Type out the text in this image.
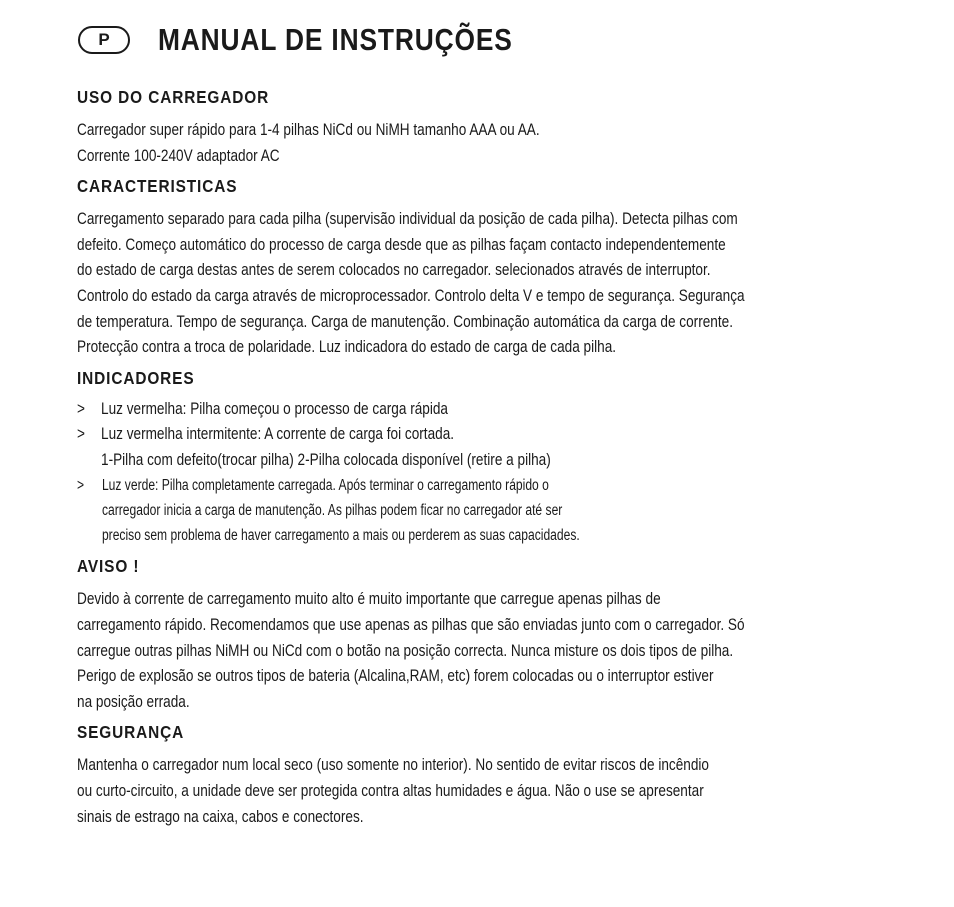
P	MANUAL DE INSTRUÇÕES
USO DO CARREGADOR

Carregador super rápido para 1-4 pilhas NiCd ou NiMH tamanho AAA ou AA.

Corrente 100-240V adaptador AC

CARACTERISTICAS

Carregamento separado para cada pilha (supervisão individual da posição de cada pilha). Detecta pilhas com

defeito. Começo automático do processo de carga desde que as pilhas façam contacto independentemente

do estado de carga destas antes de serem colocados no carregador. selecionados através de interruptor.

Controlo do estado da carga através de microprocessador. Controlo delta V e tempo de segurança. Segurança

de temperatura. Tempo de segurança. Carga de manutenção. Combinação automática da carga de corrente.

Protecção contra a troca de polaridade. Luz indicadora do estado de carga de cada pilha.

INDICADORES
> Luz vermelha: Pilha começou o processo de carga rápida
> Luz vermelha intermitente: A corrente de carga foi cortada.
1-Pilha com defeito(trocar pilha) 2-Pilha colocada disponível (retire a pilha)
>	Luz verde: Pilha completamente carregada. Após terminar o carregamento rápido o
carregador inicia a carga de manutenção. As pilhas podem ficar no carregador até ser
preciso sem problema de haver carregamento a mais ou perderem as suas capacidades.
AVISO !

Devido à corrente de carregamento muito alto é muito importante que carregue apenas pilhas de

carregamento rápido. Recomendamos que use apenas as pilhas que são enviadas junto com o carregador. Só

carregue outras pilhas NiMH ou NiCd com o botão na posição correcta. Nunca misture os dois tipos de pilha.

Perigo de explosão se outros tipos de bateria (Alcalina,RAM, etc) forem colocadas ou o interruptor estiver

na posição errada.

SEGURANÇA

Mantenha o carregador num local seco (uso somente no interior). No sentido de evitar riscos de incêndio

ou curto-circuito, a unidade deve ser protegida contra altas humidades e água. Não o use se apresentar

sinais de estrago na caixa, cabos e conectores.
